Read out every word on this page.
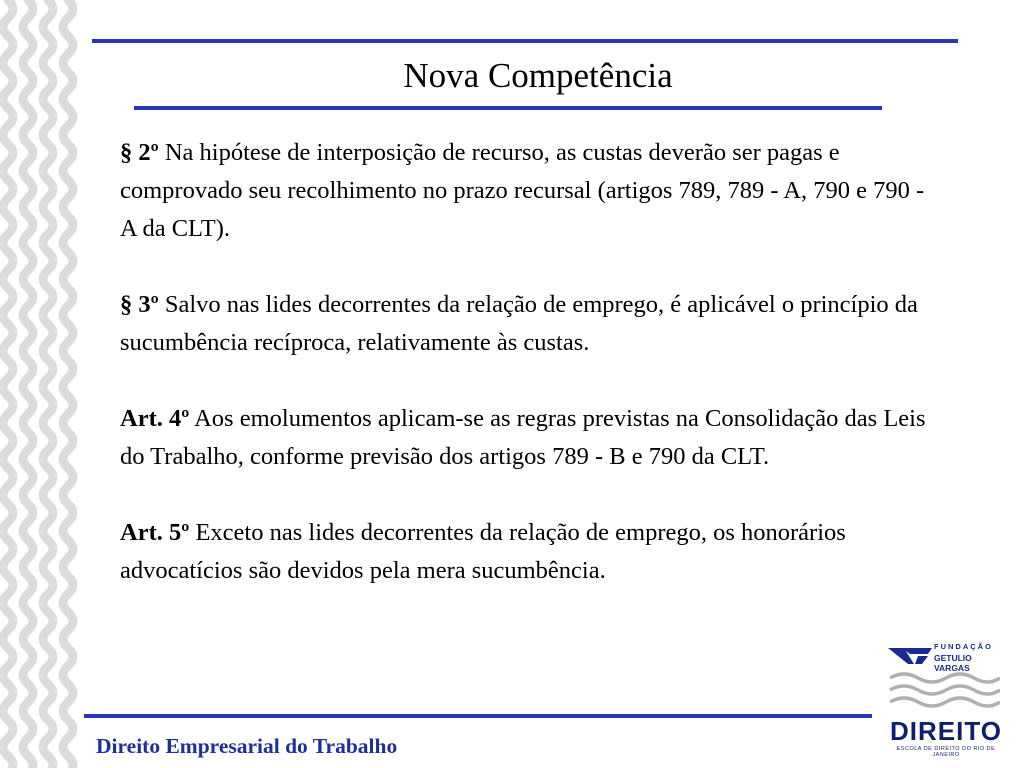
Nova Competência

§ 2º Na hipótese de interposição de recurso, as custas deverão ser pagas e comprovado seu recolhimento no prazo recursal (artigos 789, 789 - A, 790 e 790 - A da CLT).

§ 3º Salvo nas lides decorrentes da relação de emprego, é aplicável o princípio da sucumbência recíproca, relativamente às custas.

Art. 4º Aos emolumentos aplicam-se as regras previstas na Consolidação das Leis do Trabalho, conforme previsão dos artigos 789 - B e 790 da CLT.

Art. 5º Exceto nas lides decorrentes da relação de emprego, os honorários advocatícios são devidos pela mera sucumbência.

Direito Empresarial do Trabalho
FUNDAÇÃO
GETULIO VARGAS
DIREITO
ESCOLA DE DIREITO DO RIO DE JANEIRO
